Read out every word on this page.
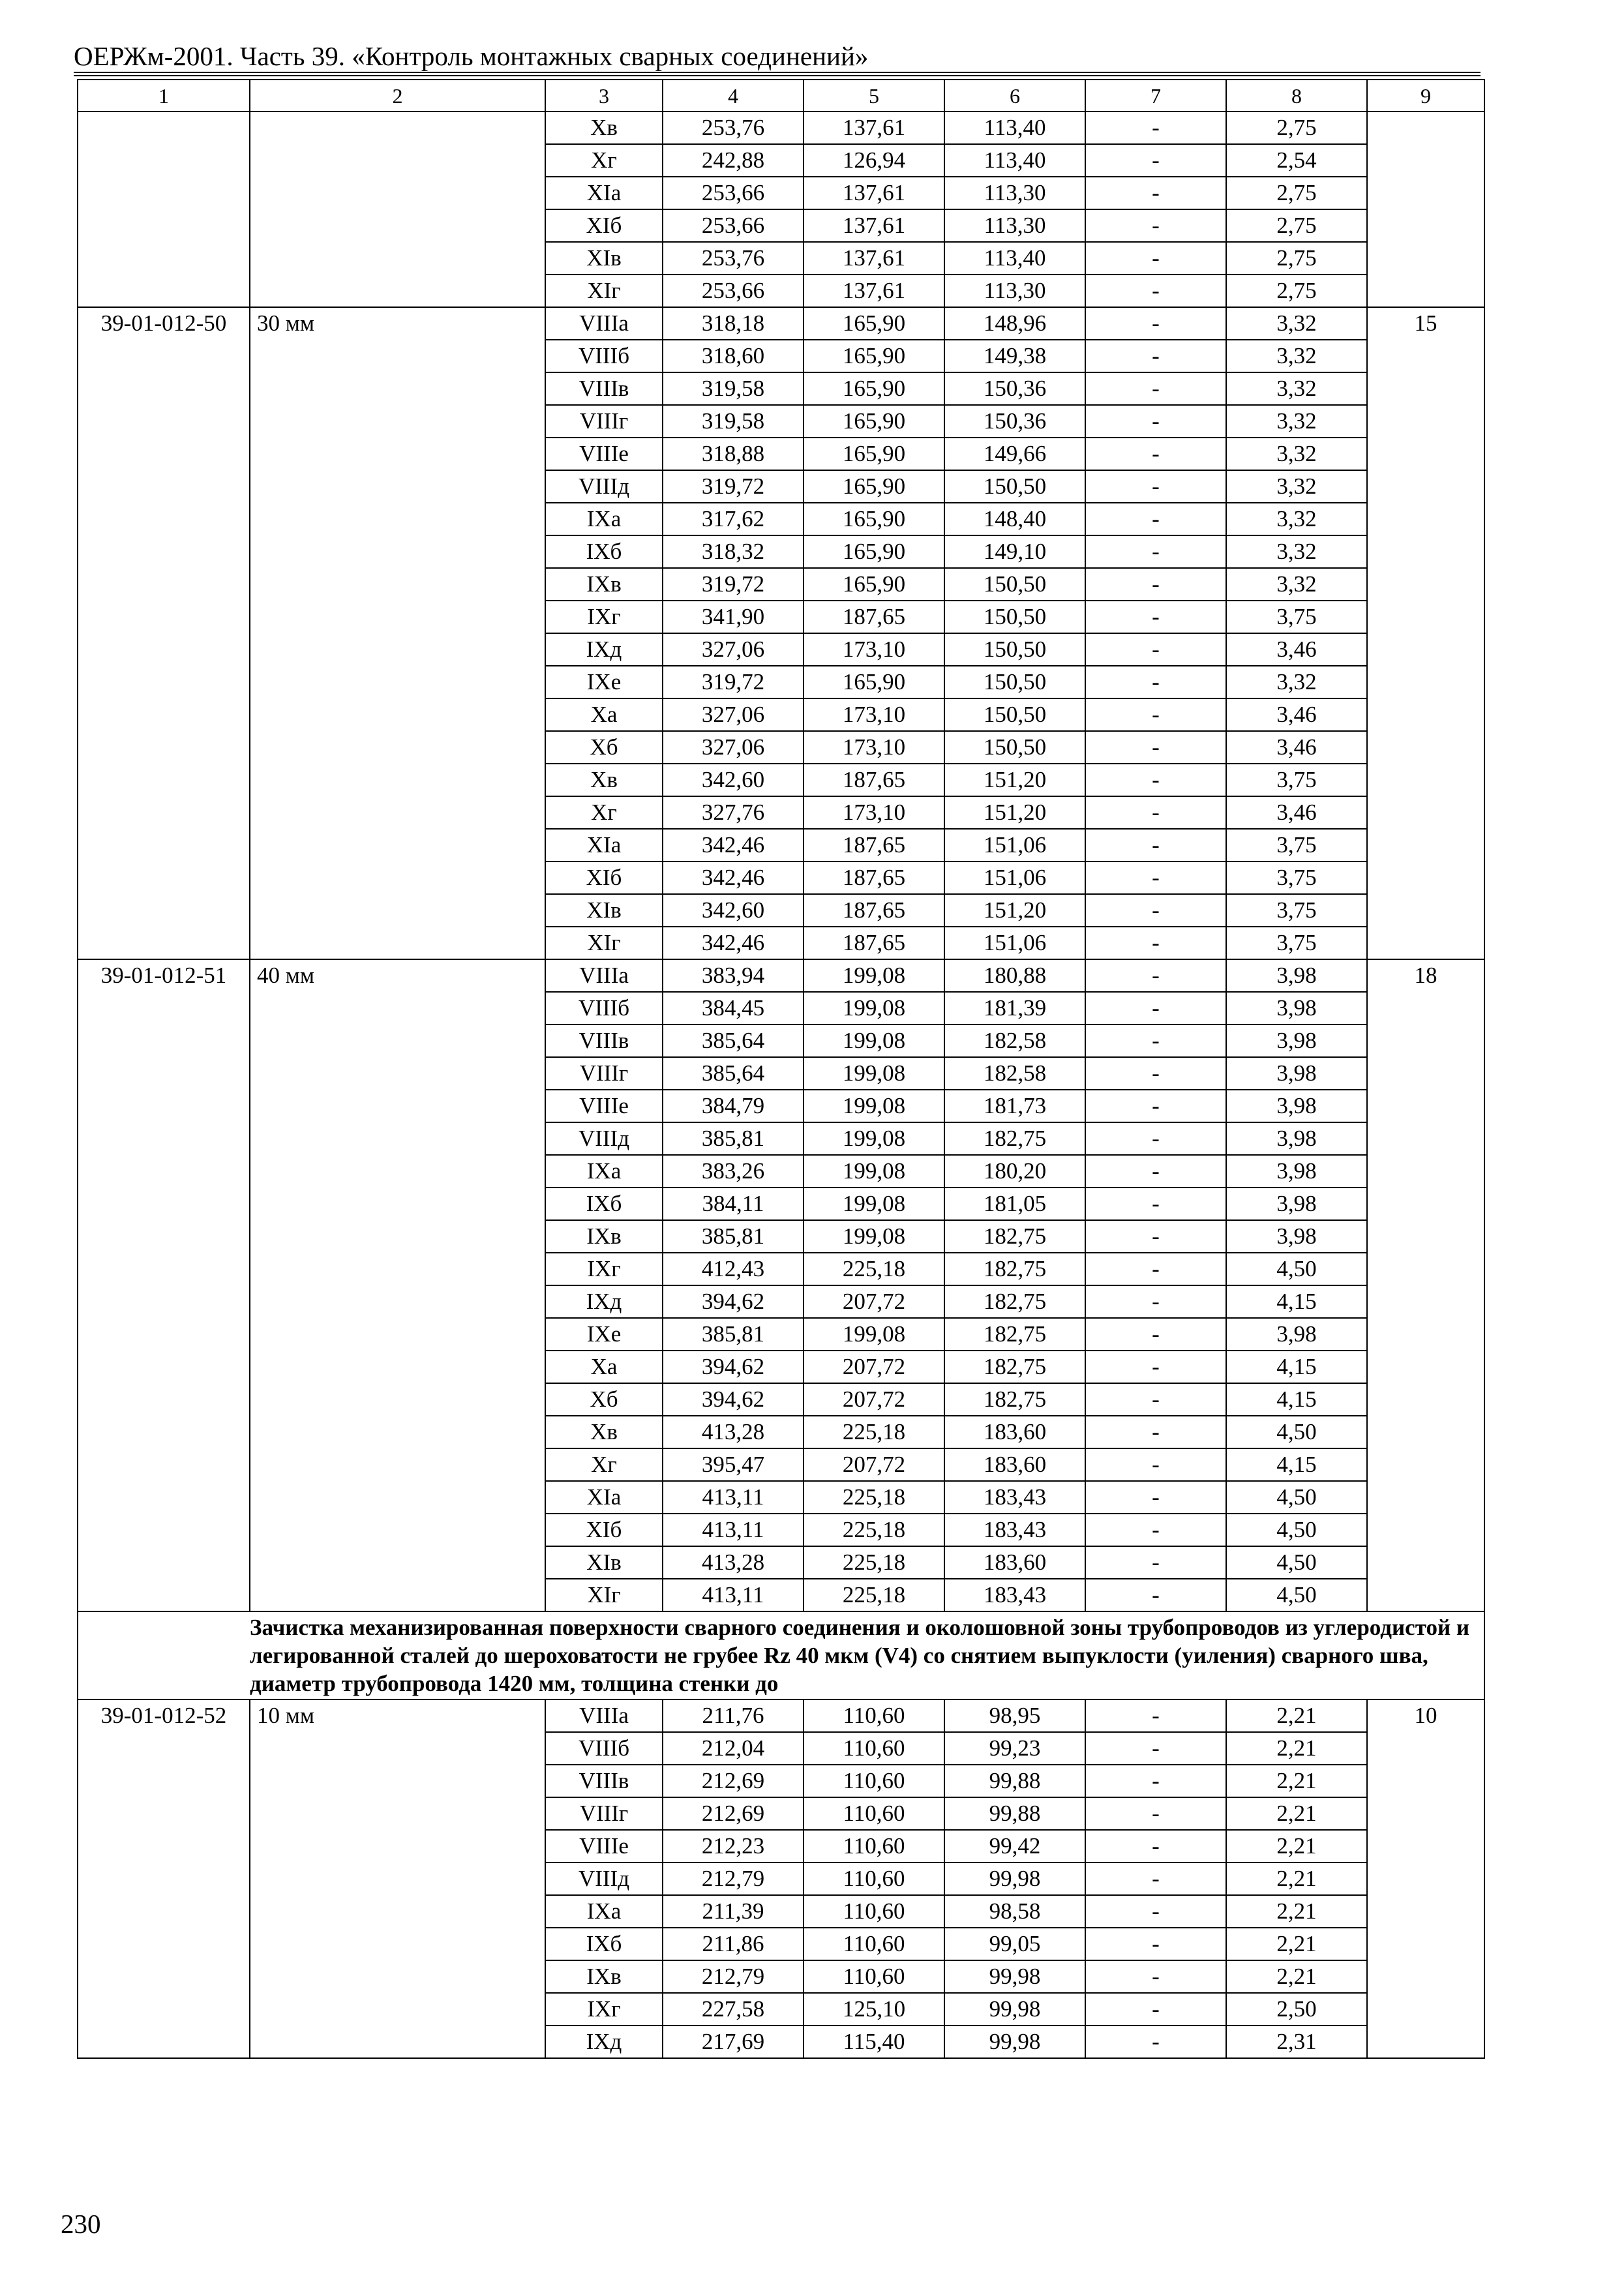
ОЕРЖм-2001. Часть 39. «Контроль монтажных сварных соединений»
1	2	3	4	5	6	7	8	9
		Xв	253,76	137,61	113,40	-	2,75	
		Xг	242,88	126,94	113,40	-	2,54	
		XIа	253,66	137,61	113,30	-	2,75	
		XIб	253,66	137,61	113,30	-	2,75	
		XIв	253,76	137,61	113,40	-	2,75	
		XIг	253,66	137,61	113,30	-	2,75	
39-01-012-50	30 мм	VIIIа	318,18	165,90	148,96	-	3,32	15
		VIIIб	318,60	165,90	149,38	-	3,32	
		VIIIв	319,58	165,90	150,36	-	3,32	
		VIIIг	319,58	165,90	150,36	-	3,32	
		VIIIе	318,88	165,90	149,66	-	3,32	
		VIIIд	319,72	165,90	150,50	-	3,32	
		IXа	317,62	165,90	148,40	-	3,32	
		IXб	318,32	165,90	149,10	-	3,32	
		IXв	319,72	165,90	150,50	-	3,32	
		IXг	341,90	187,65	150,50	-	3,75	
		IXд	327,06	173,10	150,50	-	3,46	
		IXе	319,72	165,90	150,50	-	3,32	
		Xа	327,06	173,10	150,50	-	3,46	
		Xб	327,06	173,10	150,50	-	3,46	
		Xв	342,60	187,65	151,20	-	3,75	
		Xг	327,76	173,10	151,20	-	3,46	
		XIа	342,46	187,65	151,06	-	3,75	
		XIб	342,46	187,65	151,06	-	3,75	
		XIв	342,60	187,65	151,20	-	3,75	
		XIг	342,46	187,65	151,06	-	3,75	
39-01-012-51	40 мм	VIIIа	383,94	199,08	180,88	-	3,98	18
		VIIIб	384,45	199,08	181,39	-	3,98	
		VIIIв	385,64	199,08	182,58	-	3,98	
		VIIIг	385,64	199,08	182,58	-	3,98	
		VIIIе	384,79	199,08	181,73	-	3,98	
		VIIIд	385,81	199,08	182,75	-	3,98	
		IXа	383,26	199,08	180,20	-	3,98	
		IXб	384,11	199,08	181,05	-	3,98	
		IXв	385,81	199,08	182,75	-	3,98	
		IXг	412,43	225,18	182,75	-	4,50	
		IXд	394,62	207,72	182,75	-	4,15	
		IXе	385,81	199,08	182,75	-	3,98	
		Xа	394,62	207,72	182,75	-	4,15	
		Xб	394,62	207,72	182,75	-	4,15	
		Xв	413,28	225,18	183,60	-	4,50	
		Xг	395,47	207,72	183,60	-	4,15	
		XIа	413,11	225,18	183,43	-	4,50	
		XIб	413,11	225,18	183,43	-	4,50	
		XIв	413,28	225,18	183,60	-	4,50	
		XIг	413,11	225,18	183,43	-	4,50	
	Зачистка механизированная поверхности сварного соединения и околошовной зоны трубопроводов из углеродистой и легированной сталей до шероховатости не грубее Rz 40 мкм (V4) со снятием выпуклости (уиления) сварного шва, диаметр трубопровода 1420 мм, толщина стенки до							
39-01-012-52	10 мм	VIIIа	211,76	110,60	98,95	-	2,21	10
		VIIIб	212,04	110,60	99,23	-	2,21	
		VIIIв	212,69	110,60	99,88	-	2,21	
		VIIIг	212,69	110,60	99,88	-	2,21	
		VIIIе	212,23	110,60	99,42	-	2,21	
		VIIIд	212,79	110,60	99,98	-	2,21	
		IXа	211,39	110,60	98,58	-	2,21	
		IXб	211,86	110,60	99,05	-	2,21	
		IXв	212,79	110,60	99,98	-	2,21	
		IXг	227,58	125,10	99,98	-	2,50	
		IXд	217,69	115,40	99,98	-	2,31	
230
